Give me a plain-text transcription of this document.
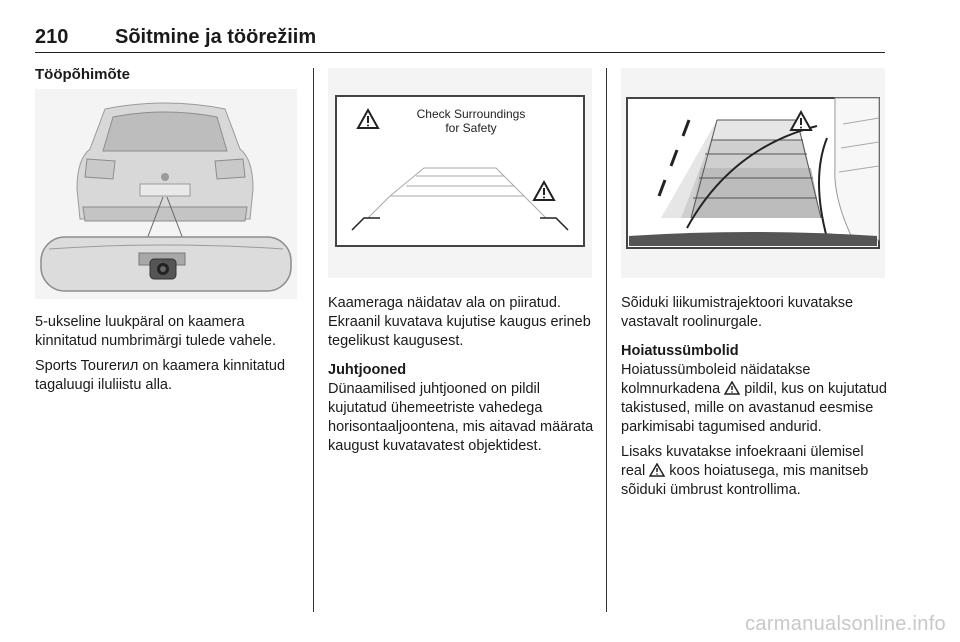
210 Sõitmine ja töörežiim
Tööpõhimõte

5-ukseline luukpäral on kaamera kinnitatud numbrimärgi tulede vahele.

Sports Tourerил on kaamera kinnitatud tagaluugi iluliistu alla.

Check Surroundings
for Safety

Kaameraga näidatav ala on piiratud. Ekraanil kuvatava kujutise kaugus erineb tegelikust kaugusest.

Juhtjooned

Dünaamilised juhtjooned on pildil kujutatud ühemeetriste vahedega horisontaaljoontena, mis aitavad määrata kaugust kuvatavatest objektidest.

Sõiduki liikumistrajektoori kuvatakse vastavalt roolinurgale.

Hoiatussümbolid

Hoiatussümboleid näidatakse kolmnurkadena pildil, kus on kujutatud takistused, mille on avastanud eesmise parkimisabi tagumised andurid.

Lisaks kuvatakse infoekraani ülemisel real koos hoiatusega, mis manitseb sõiduki ümbrust kontrollima.

carmanualsonline.info
